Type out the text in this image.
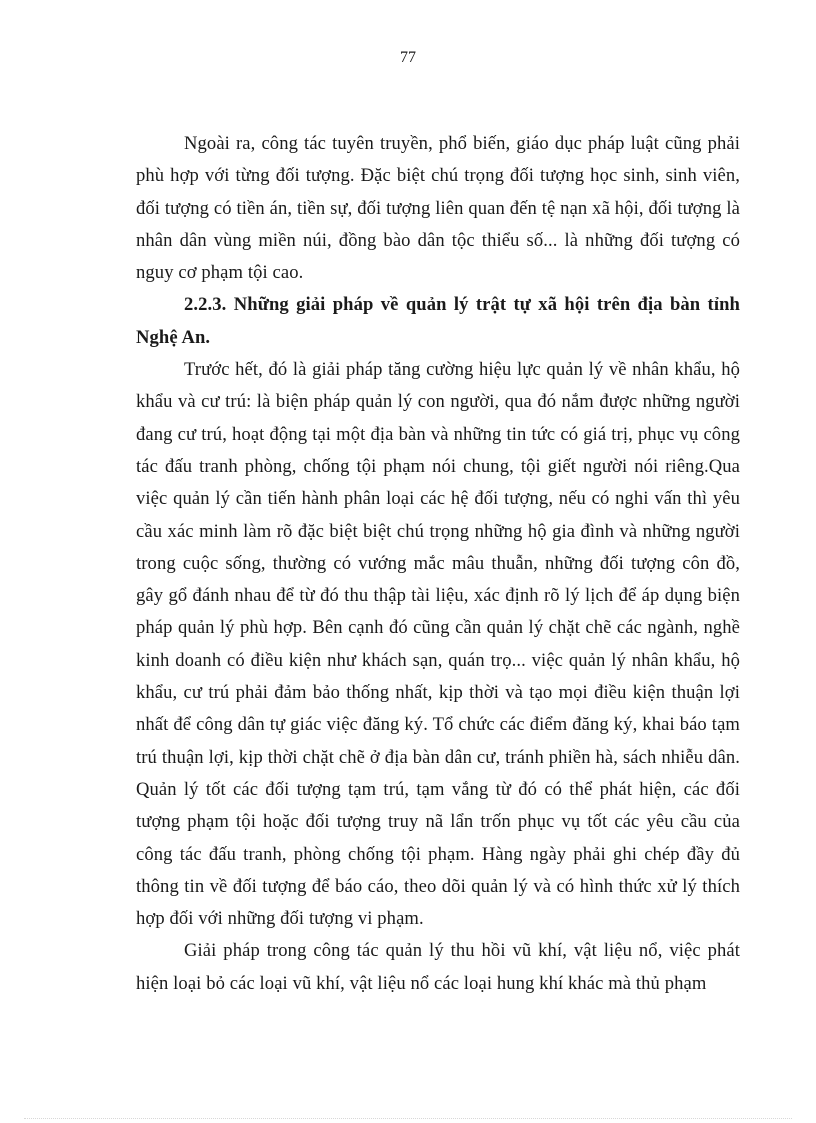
77

Ngoài ra, công tác tuyên truyền, phổ biến, giáo dục pháp luật cũng phải phù hợp với từng đối tượng. Đặc biệt chú trọng đối tượng học sinh, sinh viên, đối tượng có tiền án, tiền sự, đối tượng liên quan đến tệ nạn xã hội, đối tượng là nhân dân vùng miền núi, đồng bào dân tộc thiểu số... là những đối tượng có nguy cơ phạm tội cao.

2.2.3. Những giải pháp về quản lý trật tự xã hội trên địa bàn tỉnh Nghệ An.

Trước hết, đó là giải pháp tăng cường hiệu lực quản lý về nhân khẩu, hộ khẩu và cư trú: là biện pháp quản lý con người, qua đó nắm được những người đang cư trú, hoạt động tại một địa bàn và những tin tức có giá trị, phục vụ công tác đấu tranh phòng, chống tội phạm nói chung, tội giết người nói riêng.Qua việc quản lý cần tiến hành phân loại các hệ đối tượng, nếu có nghi vấn thì yêu cầu xác minh làm rõ đặc biệt biệt chú trọng những hộ gia đình và những người trong cuộc sống, thường có vướng mắc mâu thuẫn, những đối tượng côn đồ, gây gổ đánh nhau để từ đó thu thập tài liệu, xác định rõ lý lịch để áp dụng biện pháp quản lý phù hợp. Bên cạnh đó cũng cần quản lý chặt chẽ các ngành, nghề kinh doanh có điều kiện như khách sạn, quán trọ... việc quản lý nhân khẩu, hộ khẩu, cư trú phải đảm bảo thống nhất, kịp thời và tạo mọi điều kiện thuận lợi nhất để công dân tự giác việc đăng ký. Tổ chức các điểm đăng ký, khai báo tạm trú thuận lợi, kịp thời chặt chẽ ở địa bàn dân cư, tránh phiền hà, sách nhiễu dân. Quản lý tốt các đối tượng tạm trú, tạm vắng từ đó có thể phát hiện, các đối tượng phạm tội hoặc đối tượng truy nã lẩn trốn phục vụ tốt các yêu cầu của công tác đấu tranh, phòng chống tội phạm. Hàng ngày phải ghi chép đầy đủ thông tin về đối tượng để báo cáo, theo dõi quản lý và có hình thức xử lý thích hợp đối với những đối tượng vi phạm.

Giải pháp trong công tác quản lý thu hồi vũ khí, vật liệu nổ, việc phát hiện loại bỏ các loại vũ khí, vật liệu nổ các loại hung khí khác mà thủ phạm
